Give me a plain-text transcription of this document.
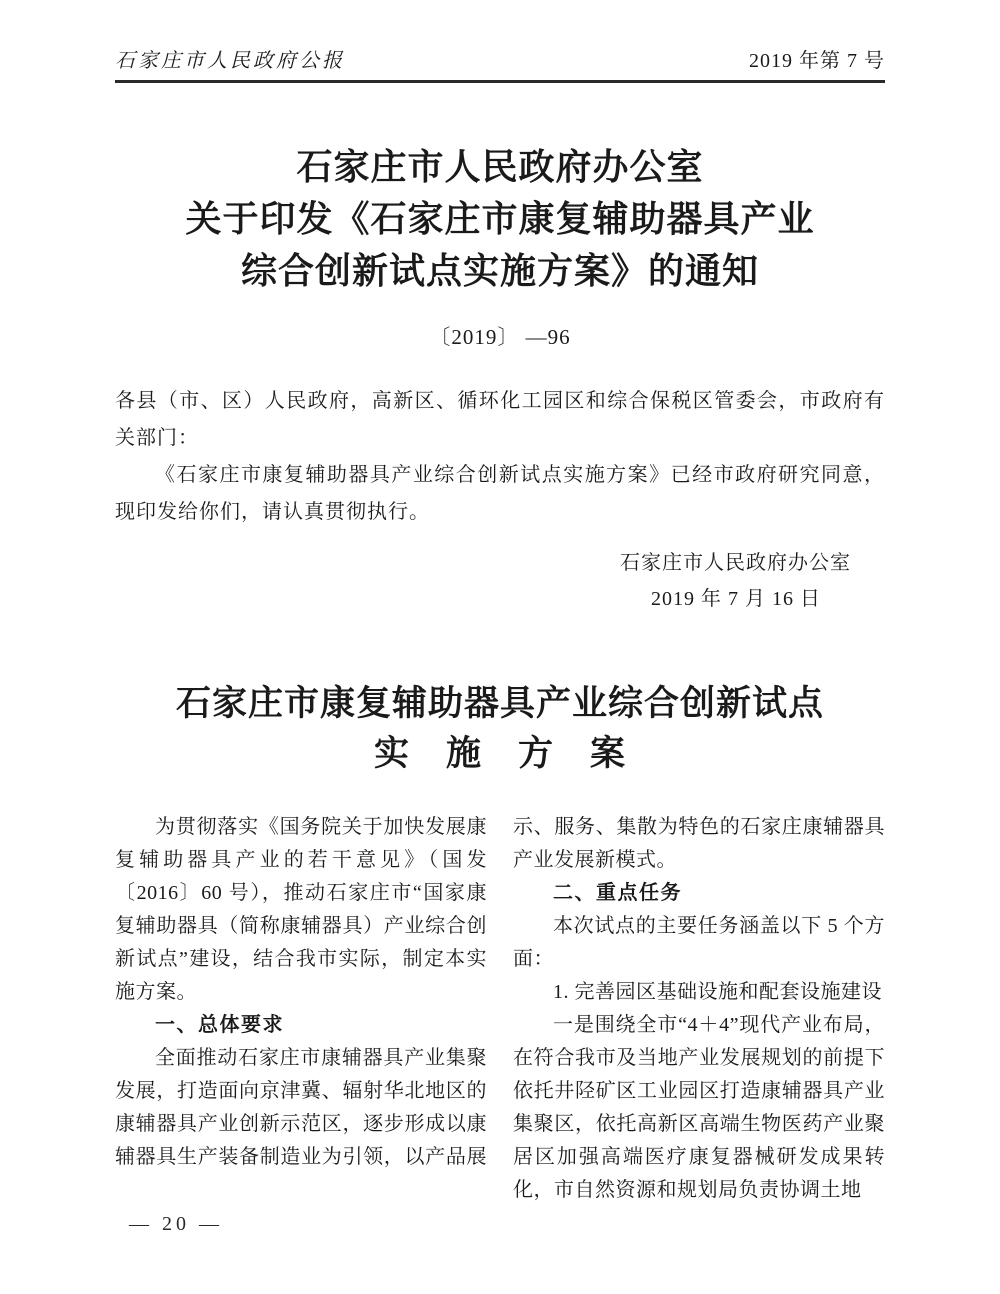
石家庄市人民政府公报	2019 年第 7 号
石家庄市人民政府办公室
关于印发《石家庄市康复辅助器具产业
综合创新试点实施方案》的通知
〔2019〕 —96

各县（市、区）人民政府，高新区、循环化工园区和综合保税区管委会，市政府有关部门：

《石家庄市康复辅助器具产业综合创新试点实施方案》已经市政府研究同意，现印发给你们，请认真贯彻执行。

石家庄市人民政府办公室
2019 年 7 月 16 日
石家庄市康复辅助器具产业综合创新试点
实　施　方　案

为贯彻落实《国务院关于加快发展康复辅助器具产业的若干意见》（国发〔2016〕60 号），推动石家庄市“国家康复辅助器具（简称康辅器具）产业综合创新试点”建设，结合我市实际，制定本实施方案。

一、总体要求

全面推动石家庄市康辅器具产业集聚发展，打造面向京津冀、辐射华北地区的康辅器具产业创新示范区，逐步形成以康辅器具生产装备制造业为引领，以产品展示、服务、集散为特色的石家庄康辅器具产业发展新模式。

二、重点任务

本次试点的主要任务涵盖以下 5 个方面：

1. 完善园区基础设施和配套设施建设

一是围绕全市“4＋4”现代产业布局，在符合我市及当地产业发展规划的前提下依托井陉矿区工业园区打造康辅器具产业集聚区，依托高新区高端生物医药产业聚居区加强高端医疗康复器械研发成果转化，市自然资源和规划局负责协调土地

— 20 —
